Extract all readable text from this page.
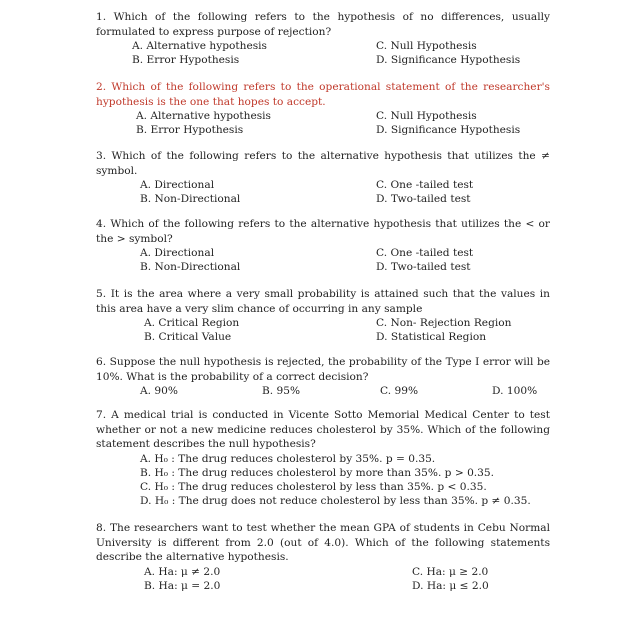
1. Which of the following refers to the hypothesis of no differences, usually formulated to express purpose of rejection?

A. Alternative hypothesis
B. Error Hypothesis
C. Null Hypothesis
D. Significance Hypothesis

2. Which of the following refers to the operational statement of the researcher's hypothesis is the one that hopes to accept.

A. Alternative hypothesis
B. Error Hypothesis
C. Null Hypothesis
D. Significance Hypothesis

3. Which of the following refers to the alternative hypothesis that utilizes the ≠ symbol.

A. Directional
B. Non-Directional
C. One -tailed test
D. Two-tailed test

4. Which of the following refers to the alternative hypothesis that utilizes the < or the > symbol?

A. Directional
B. Non-Directional
C. One -tailed test
D. Two-tailed test

5. It is the area where a very small probability is attained such that the values in this area have a very slim chance of occurring in any sample

A. Critical Region
B. Critical Value
C. Non- Rejection Region
D. Statistical Region

6. Suppose the null hypothesis is rejected, the probability of the Type I error will be 10%. What is the probability of a correct decision?

A. 90%	B. 95%	C. 99%	D. 100%

7. A medical trial is conducted in Vicente Sotto Memorial Medical Center to test whether or not a new medicine reduces cholesterol by 35%. Which of the following statement describes the null hypothesis?

A. H₀ : The drug reduces cholesterol by 35%. p = 0.35.
B. H₀ : The drug reduces cholesterol by more than 35%. p > 0.35.
C. H₀ : The drug reduces cholesterol by less than 35%. p < 0.35.
D. H₀ : The drug does not reduce cholesterol by less than 35%. p ≠ 0.35.

8. The researchers want to test whether the mean GPA of students in Cebu Normal University is different from 2.0 (out of 4.0). Which of the following statements describe the alternative hypothesis.

A. Ha: μ ≠ 2.0
B. Ha: μ = 2.0
C. Ha: μ ≥ 2.0
D. Ha: μ ≤ 2.0
